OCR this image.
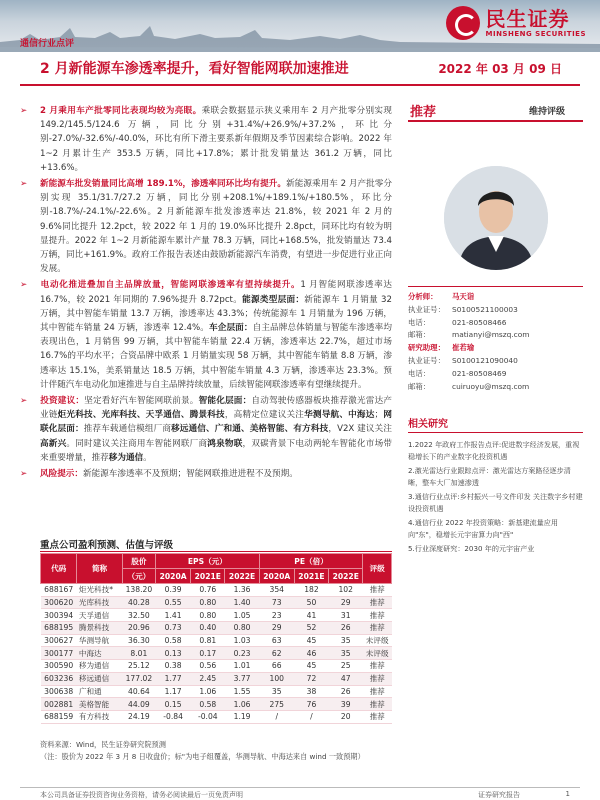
民生证券
MINSHENG SECURITIES
通信行业点评
2 月新能源车渗透率提升，看好智能网联加速推进	2022 年 03 月 09 日

➢ 2 月乘用车产批零同比表现均较为亮眼。乘联会数据显示狭义乘用车 2 月产批零分别实现 149.2/145.5/124.6 万辆，同比分别+31.4%/+26.9%/+37.2%，环比分别-27.0%/-32.6%/-40.0%，环比有所下滑主要系新年假期及季节因素综合影响。2022 年 1~2 月累计生产 353.5 万辆，同比+17.8%；累计批发销量达 361.2 万辆，同比+13.6%。

➢ 新能源车批发销量同比高增 189.1%，渗透率同环比均有提升。新能源乘用车 2 月产批零分别实现 35.1/31.7/27.2 万辆，同比分别+208.1%/+189.1%/+180.5%，环比分别-18.7%/-24.1%/-22.6%。2 月新能源车批发渗透率达 21.8%，较 2021 年 2 月的 9.6%同比提升 12.2pct，较 2022 年 1 月的 19.0%环比提升 2.8pct，同环比均有较为明显提升。2022 年 1~2 月新能源车累计产量 78.3 万辆，同比+168.5%，批发销量达 73.4 万辆，同比+161.9%。政府工作报告表述由鼓励新能源汽车消费，有望进一步促进行业正向发展。

➢ 电动化推进叠加自主品牌放量，智能网联渗透率有望持续提升。1 月智能网联渗透率达 16.7%，较 2021 年同期的 7.96%提升 8.72pct。能源类型层面：新能源车 1 月销量 32 万辆，其中智能车销量 13.7 万辆，渗透率达 43.3%；传统能源车 1 月销量为 196 万辆，其中智能车销量 24 万辆，渗透率 12.4%。车企层面：自主品牌总体销量与智能车渗透率均表现出色，1 月销售 99 万辆，其中智能车销量 22.4 万辆，渗透率达 22.7%，超过市场 16.7%的平均水平；合资品牌中欧系 1 月销量实现 58 万辆，其中智能车销量 8.8 万辆，渗透率达 15.1%，美系销量达 18.5 万辆，其中智能车销量 4.3 万辆，渗透率达 23.3%。预计伴随汽车电动化加速推进与自主品牌持续放量，后续智能网联渗透率有望继续提升。

➢ 投资建议：坚定看好汽车智能网联前景。智能化层面：自动驾驶传感器板块推荐激光雷达产业链炬光科技、光库科技、天孚通信、腾景科技，高精定位建议关注华测导航、中海达；网联化层面：推荐车载通信模组厂商移远通信、广和通、美格智能、有方科技，V2X 建议关注高新兴。同时建议关注商用车智能网联厂商鸿泉物联，双碳背景下电动两轮车智能化市场带来重要增量，推荐移为通信。

➢ 风险提示：新能源车渗透率不及预期；智能网联推进进程不及预期。

推荐	维持评级
分析师：	马天诣
执业证号： S0100521100003
电话：	021-80508466
邮箱：	matianyi@mszq.com
研究助理： 崔若瑜
执业证号： S0100121090040
电话：	021-80508469
邮箱：	cuiruoyu@mszq.com
相关研究
1.2022 年政府工作报告点评:促进数字经济发展，重视稳增长下的产业数字化投资机遇
2.激光雷达行业跟踪点评：激光雷达方案路径逐步清晰，整车大厂加速渗透
3.通信行业点评:乡村振兴一号文件印发 关注数字乡村建设投资机遇
4.通信行业 2022 年投资策略：新基建流量应用向"东"，稳增长元宇宙算力向"西"
5.行业深度研究：2030 年的元宇宙产业
重点公司盈利预测、估值与评级
代码	简称	股价	EPS（元）			PE（倍）			评级
		（元）	2020A	2021E	2022E	2020A	2021E	2022E	
688167	炬光科技*	138.20	0.39	0.76	1.36	354	182	102	推荐
300620	光库科技	40.28	0.55	0.80	1.40	73	50	29	推荐
300394	天孚通信	32.50	1.41	0.80	1.05	23	41	31	推荐
688195	腾景科技	20.96	0.73	0.40	0.80	29	52	26	推荐
300627	华测导航	36.30	0.58	0.81	1.03	63	45	35	未评级
300177	中海达	8.01	0.13	0.17	0.23	62	46	35	未评级
300590	移为通信	25.12	0.38	0.56	1.01	66	45	25	推荐
603236	移远通信	177.02	1.77	2.45	3.77	100	72	47	推荐
300638	广和通	40.64	1.17	1.06	1.55	35	38	26	推荐
002881	美格智能	44.09	0.15	0.58	1.06	275	76	39	推荐
688159	有方科技	24.19	-0.84	-0.04	1.19	/	/	20	推荐
资料来源：Wind，民生证券研究院预测
（注：股价为 2022 年 3 月 8 日收盘价；标"为电子组覆盖，华测导航、中海达来自 wind 一致预期）
本公司具备证券投资咨询业务资格，请务必阅读最后一页免责声明	证券研究报告	1
